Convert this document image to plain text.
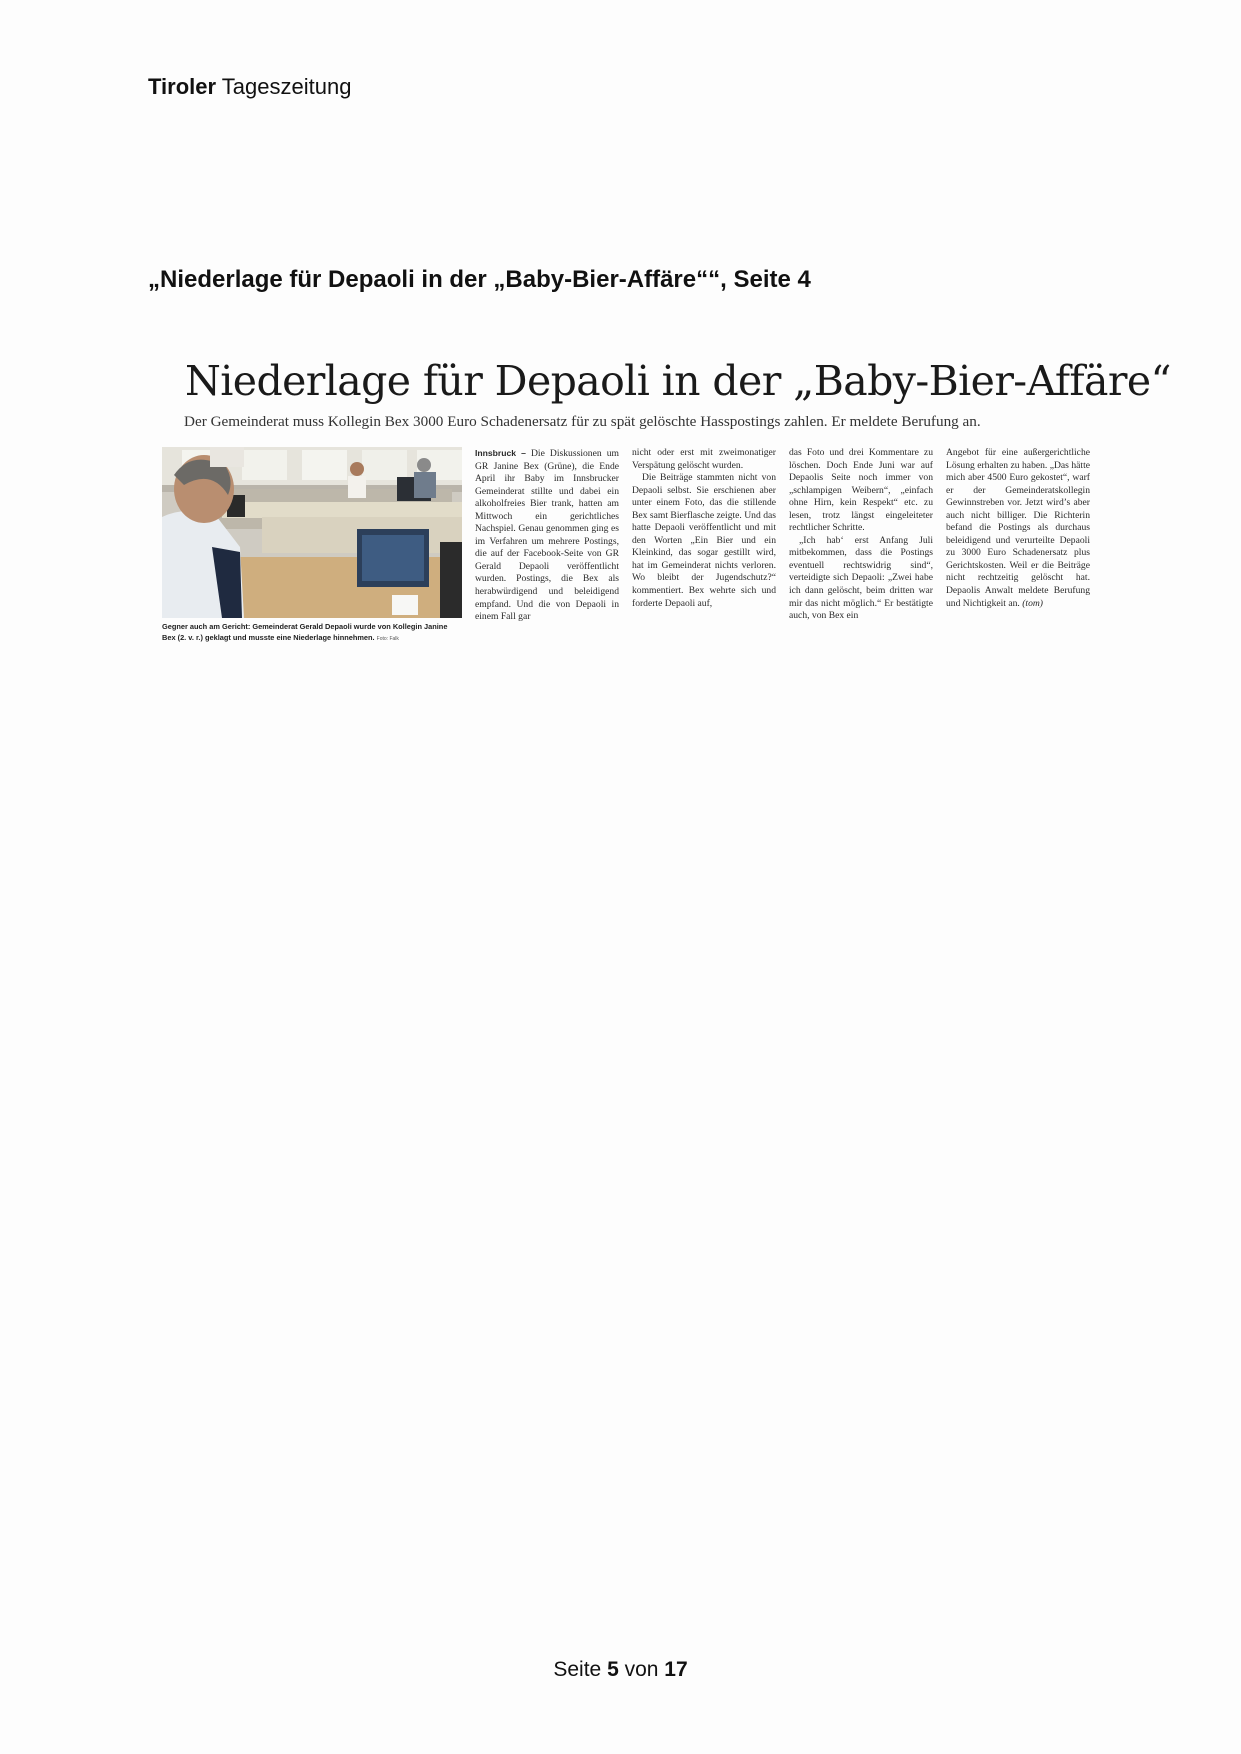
Tiroler Tageszeitung
„Niederlage für Depaoli in der „Baby-Bier-Affäre““, Seite 4
Niederlage für Depaoli in der „Baby-Bier-Affäre“
Der Gemeinderat muss Kollegin Bex 3000 Euro Schadenersatz für zu spät gelöschte Hasspostings zahlen. Er meldete Berufung an.
Gegner auch am Gericht: Gemeinderat Gerald Depaoli wurde von Kollegin Janine Bex (2. v. r.) geklagt und musste eine Niederlage hinnehmen. Foto: Falk

Innsbruck – Die Diskussionen um GR Janine Bex (Grüne), die Ende April ihr Baby im Innsbrucker Gemeinderat stillte und dabei ein alkoholfreies Bier trank, hatten am Mittwoch ein gerichtliches Nachspiel. Genau genommen ging es im Verfahren um mehrere Postings, die auf der Facebook-Seite von GR Gerald Depaoli veröffentlicht wurden. Postings, die Bex als herabwürdigend und beleidigend empfand. Und die von Depaoli in einem Fall gar

nicht oder erst mit zweimonatiger Verspätung gelöscht wurden.

Die Beiträge stammten nicht von Depaoli selbst. Sie erschienen aber unter einem Foto, das die stillende Bex samt Bierflasche zeigte. Und das hatte Depaoli veröffentlicht und mit den Worten „Ein Bier und ein Kleinkind, das sogar gestillt wird, hat im Gemeinderat nichts verloren. Wo bleibt der Jugendschutz?“ kommentiert. Bex wehrte sich und forderte Depaoli auf,

das Foto und drei Kommentare zu löschen. Doch Ende Juni war auf Depaolis Seite noch immer von „schlampigen Weibern“, „einfach ohne Hirn, kein Respekt“ etc. zu lesen, trotz längst eingeleiteter rechtlicher Schritte.

„Ich hab‘ erst Anfang Juli mitbekommen, dass die Postings eventuell rechtswidrig sind“, verteidigte sich Depaoli: „Zwei habe ich dann gelöscht, beim dritten war mir das nicht möglich.“ Er bestätigte auch, von Bex ein

Angebot für eine außergerichtliche Lösung erhalten zu haben. „Das hätte mich aber 4500 Euro gekostet“, warf er der Gemeinderatskollegin Gewinnstreben vor. Jetzt wird’s aber auch nicht billiger. Die Richterin befand die Postings als durchaus beleidigend und verurteilte Depaoli zu 3000 Euro Schadenersatz plus Gerichtskosten. Weil er die Beiträge nicht rechtzeitig gelöscht hat. Depaolis Anwalt meldete Berufung und Nichtigkeit an. (tom)

Seite 5 von 17
